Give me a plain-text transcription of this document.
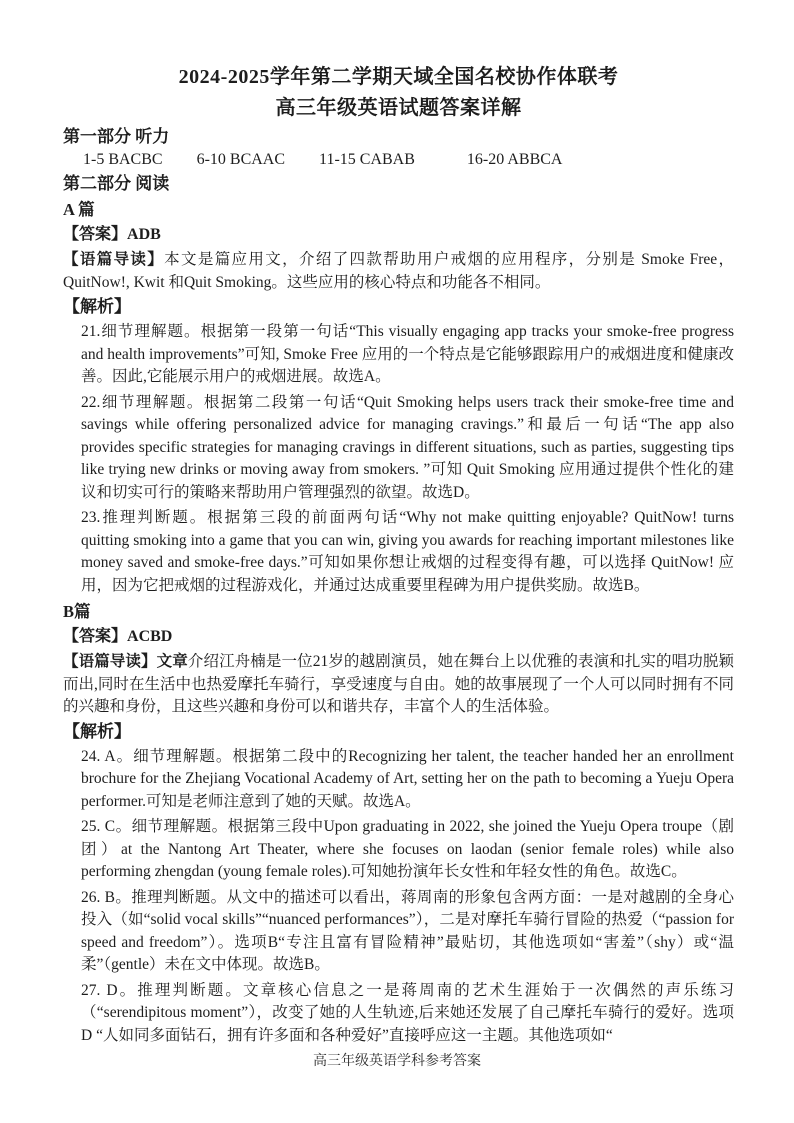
2024-2025学年第二学期天域全国名校协作体联考
高三年级英语试题答案详解
第一部分 听力
1-5 BACBC 6-10 BCAAC 11-15 CABAB	16-20 ABBCA
第二部分 阅读
A 篇
【答案】ADB

【语篇导读】本文是篇应用文，介绍了四款帮助用户戒烟的应用程序，分别是 Smoke Free，QuitNow!, Kwit 和Quit Smoking。这些应用的核心特点和功能各不相同。

【解析】

21.细节理解题。根据第一段第一句话“This visually engaging app tracks your smoke-free progress and health improvements”可知, Smoke Free 应用的一个特点是它能够跟踪用户的戒烟进度和健康改善。因此,它能展示用户的戒烟进展。故选A。

22.细节理解题。根据第二段第一句话“Quit Smoking helps users track their smoke-free time and savings while offering personalized advice for managing cravings.”和最后一句话“The app also provides specific strategies for managing cravings in different situations, such as parties, suggesting tips like trying new drinks or moving away from smokers. ”可知 Quit Smoking 应用通过提供个性化的建议和切实可行的策略来帮助用户管理强烈的欲望。故选D。

23.推理判断题。根据第三段的前面两句话“Why not make quitting enjoyable? QuitNow! turns quitting smoking into a game that you can win, giving you awards for reaching important milestones like money saved and smoke-free days.”可知如果你想让戒烟的过程变得有趣，可以选择 QuitNow! 应用，因为它把戒烟的过程游戏化，并通过达成重要里程碑为用户提供奖励。故选B。

B篇
【答案】ACBD

【语篇导读】文章介绍江舟楠是一位21岁的越剧演员，她在舞台上以优雅的表演和扎实的唱功脱颖而出,同时在生活中也热爱摩托车骑行，享受速度与自由。她的故事展现了一个人可以同时拥有不同的兴趣和身份，且这些兴趣和身份可以和谐共存，丰富个人的生活体验。

【解析】

24. A。细节理解题。根据第二段中的Recognizing her talent, the teacher handed her an enrollment brochure for the Zhejiang Vocational Academy of Art, setting her on the path to becoming a Yueju Opera performer.可知是老师注意到了她的天赋。故选A。

25. C。细节理解题。根据第三段中Upon graduating in 2022, she joined the Yueju Opera troupe（剧团）at the Nantong Art Theater, where she focuses on laodan (senior female roles) while also performing zhengdan (young female roles).可知她扮演年长女性和年轻女性的角色。故选C。

26. B。推理判断题。从文中的描述可以看出，蒋周南的形象包含两方面：一是对越剧的全身心投入（如“solid vocal skills”“nuanced performances”），二是对摩托车骑行冒险的热爱（“passion for speed and freedom”）。选项B“专注且富有冒险精神”最贴切，其他选项如“害羞”（shy）或“温柔”（gentle）未在文中体现。故选B。

27. D。推理判断题。文章核心信息之一是蒋周南的艺术生涯始于一次偶然的声乐练习（“serendipitous moment”），改变了她的人生轨迹,后来她还发展了自己摩托车骑行的爱好。选项D “人如同多面钻石，拥有许多面和各种爱好”直接呼应这一主题。其他选项如“

高三年级英语学科参考答案
